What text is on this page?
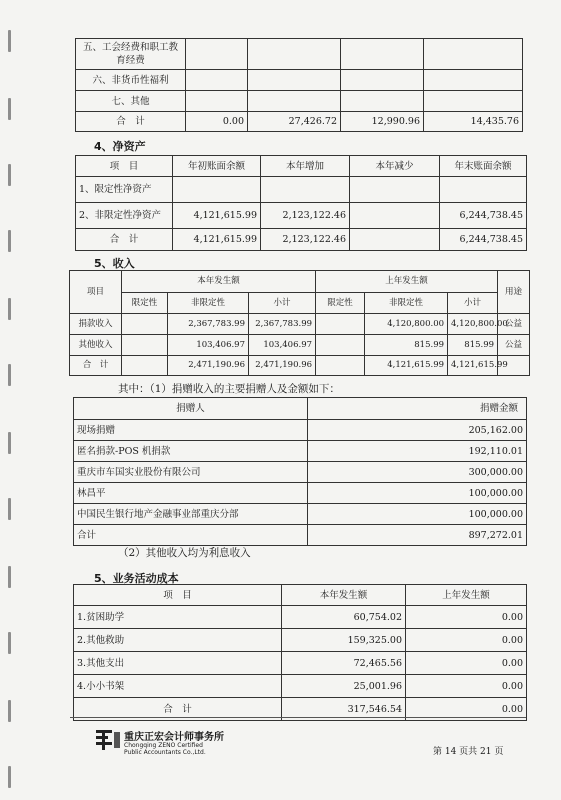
五、工会经费和职工教育经费				
六、非货币性福利				
七、其他				
合　计	0.00	27,426.72	12,990.96	14,435.76
4、净资产
项　目	年初账面余额	本年增加	本年减少	年末账面余额
1、限定性净资产				
2、非限定性净资产	4,121,615.99	2,123,122.46		6,244,738.45
合　计	4,121,615.99	2,123,122.46		6,244,738.45
5、收入
项目	本年发生额			上年发生额			用途
	限定性	非限定性	小计	限定性	非限定性	小计	
捐款收入		2,367,783.99	2,367,783.99		4,120,800.00	4,120,800.00	公益
其他收入		103,406.97	103,406.97		815.99	815.99	公益
合　计		2,471,190.96	2,471,190.96		4,121,615.99	4,121,615.99	
其中：（1）捐赠收入的主要捐赠人及金额如下：
捐赠人	捐赠金额
现场捐赠	205,162.00
匿名捐款-POS 机捐款	192,110.01
重庆市车国实业股份有限公司	300,000.00
林昌平	100,000.00
中国民生银行地产金融事业部重庆分部	100,000.00
合计	897,272.01
（2）其他收入均为利息收入
5、业务活动成本
项　目	本年发生额	上年发生额
1.贫困助学	60,754.02	0.00
2.其他救助	159,325.00	0.00
3.其他支出	72,465.56	0.00
4.小小书架	25,001.96	0.00
合　计	317,546.54	0.00
重庆正宏会计师事务所
Chongqing ZENO Certified Public Accountants Co.,Ltd.	第 14 页共 21 页
